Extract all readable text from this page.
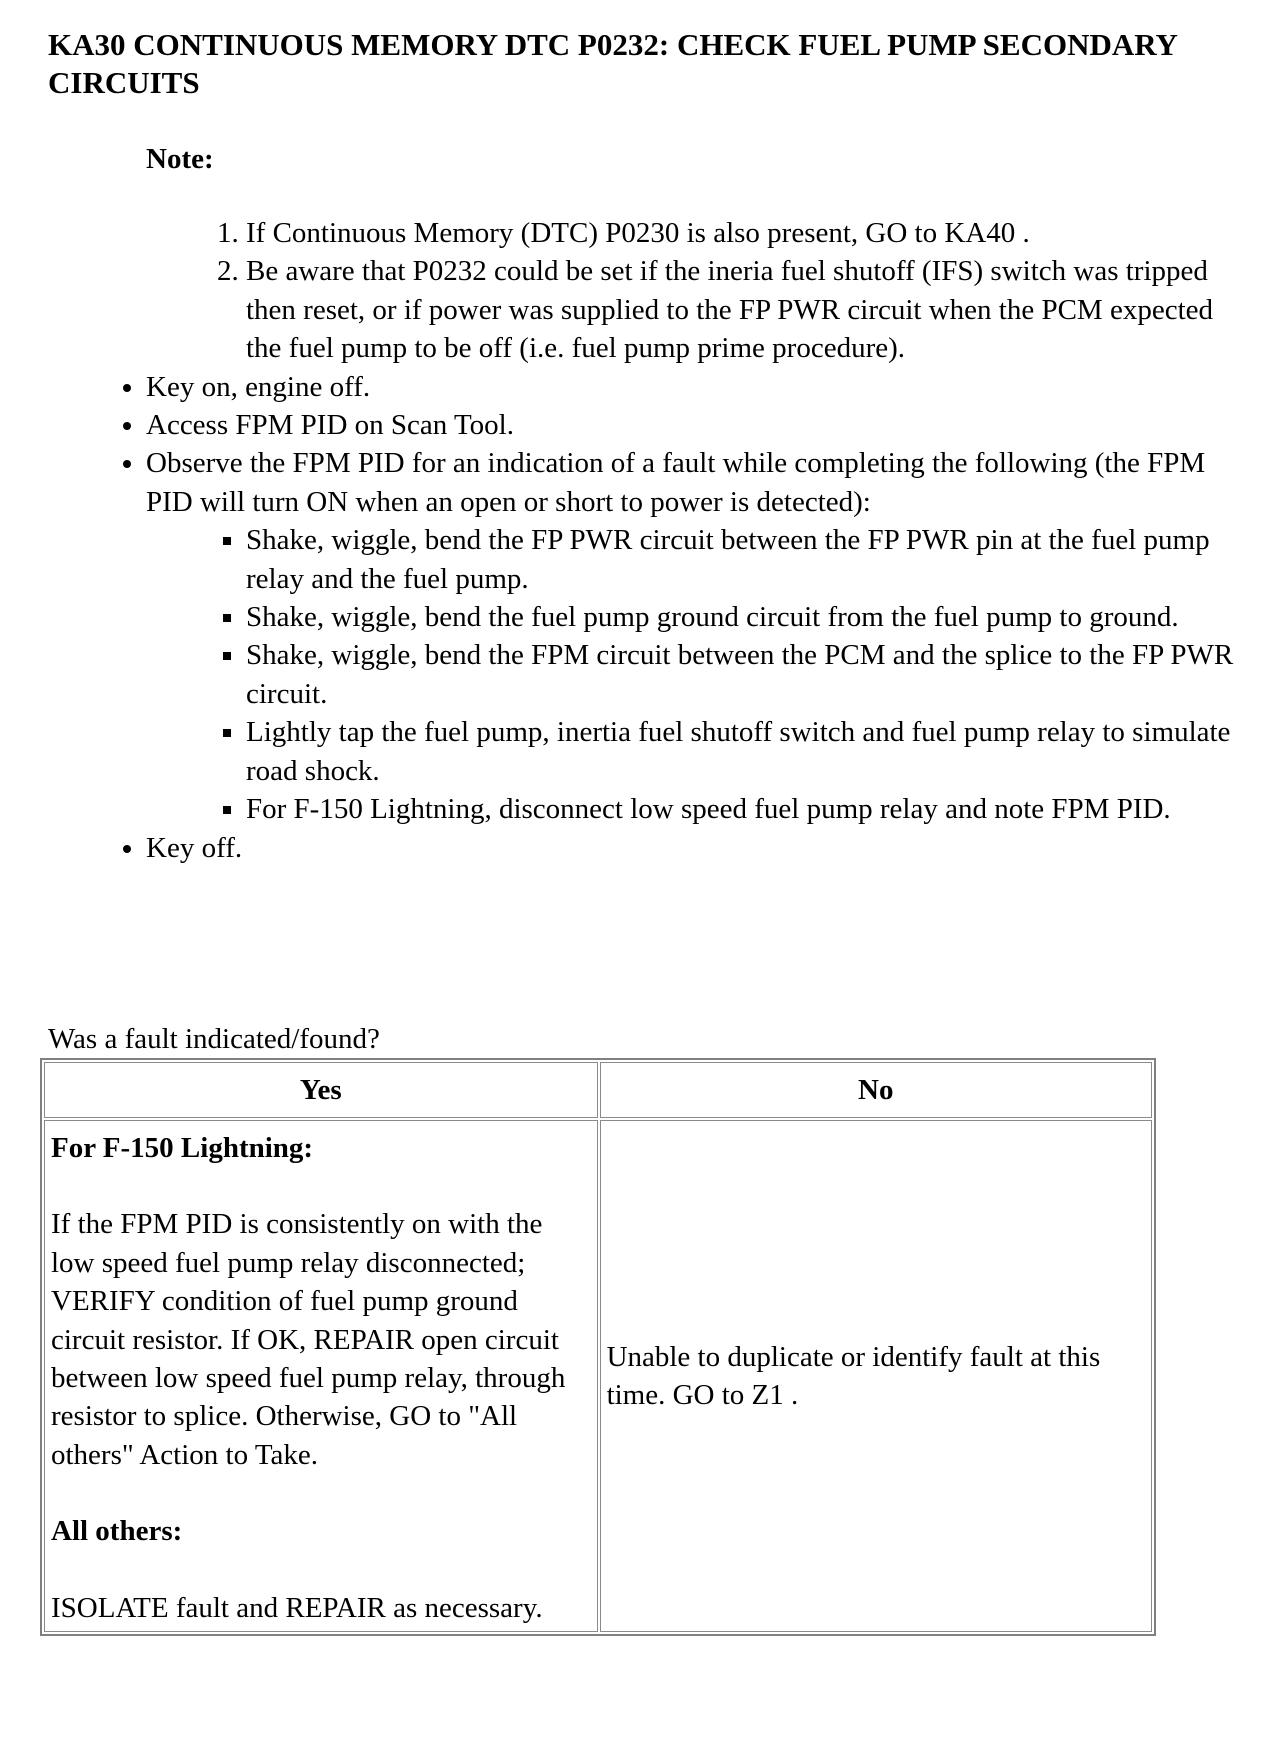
KA30 CONTINUOUS MEMORY DTC P0232: CHECK FUEL PUMP SECONDARY CIRCUITS
Note:
1. If Continuous Memory (DTC) P0230 is also present, GO to KA40 .
2. Be aware that P0232 could be set if the ineria fuel shutoff (IFS) switch was tripped then reset, or if power was supplied to the FP PWR circuit when the PCM expected the fuel pump to be off (i.e. fuel pump prime procedure).
• Key on, engine off.
• Access FPM PID on Scan Tool.
• Observe the FPM PID for an indication of a fault while completing the following (the FPM PID will turn ON when an open or short to power is detected):
▪ Shake, wiggle, bend the FP PWR circuit between the FP PWR pin at the fuel pump relay and the fuel pump.
▪ Shake, wiggle, bend the fuel pump ground circuit from the fuel pump to ground.
▪ Shake, wiggle, bend the FPM circuit between the PCM and the splice to the FP PWR circuit.
▪ Lightly tap the fuel pump, inertia fuel shutoff switch and fuel pump relay to simulate road shock.
▪ For F-150 Lightning, disconnect low speed fuel pump relay and note FPM PID.
• Key off.
Was a fault indicated/found?
Yes	No

For F-150 Lightning:
If the FPM PID is consistently on with the low speed fuel pump relay disconnected; VERIFY condition of fuel pump ground circuit resistor. If OK, REPAIR open circuit between low speed fuel pump relay, through resistor to splice. Otherwise, GO to "All others" Action to Take.
All others:
ISOLATE fault and REPAIR as necessary.	Unable to duplicate or identify fault at this time. GO to Z1 .
